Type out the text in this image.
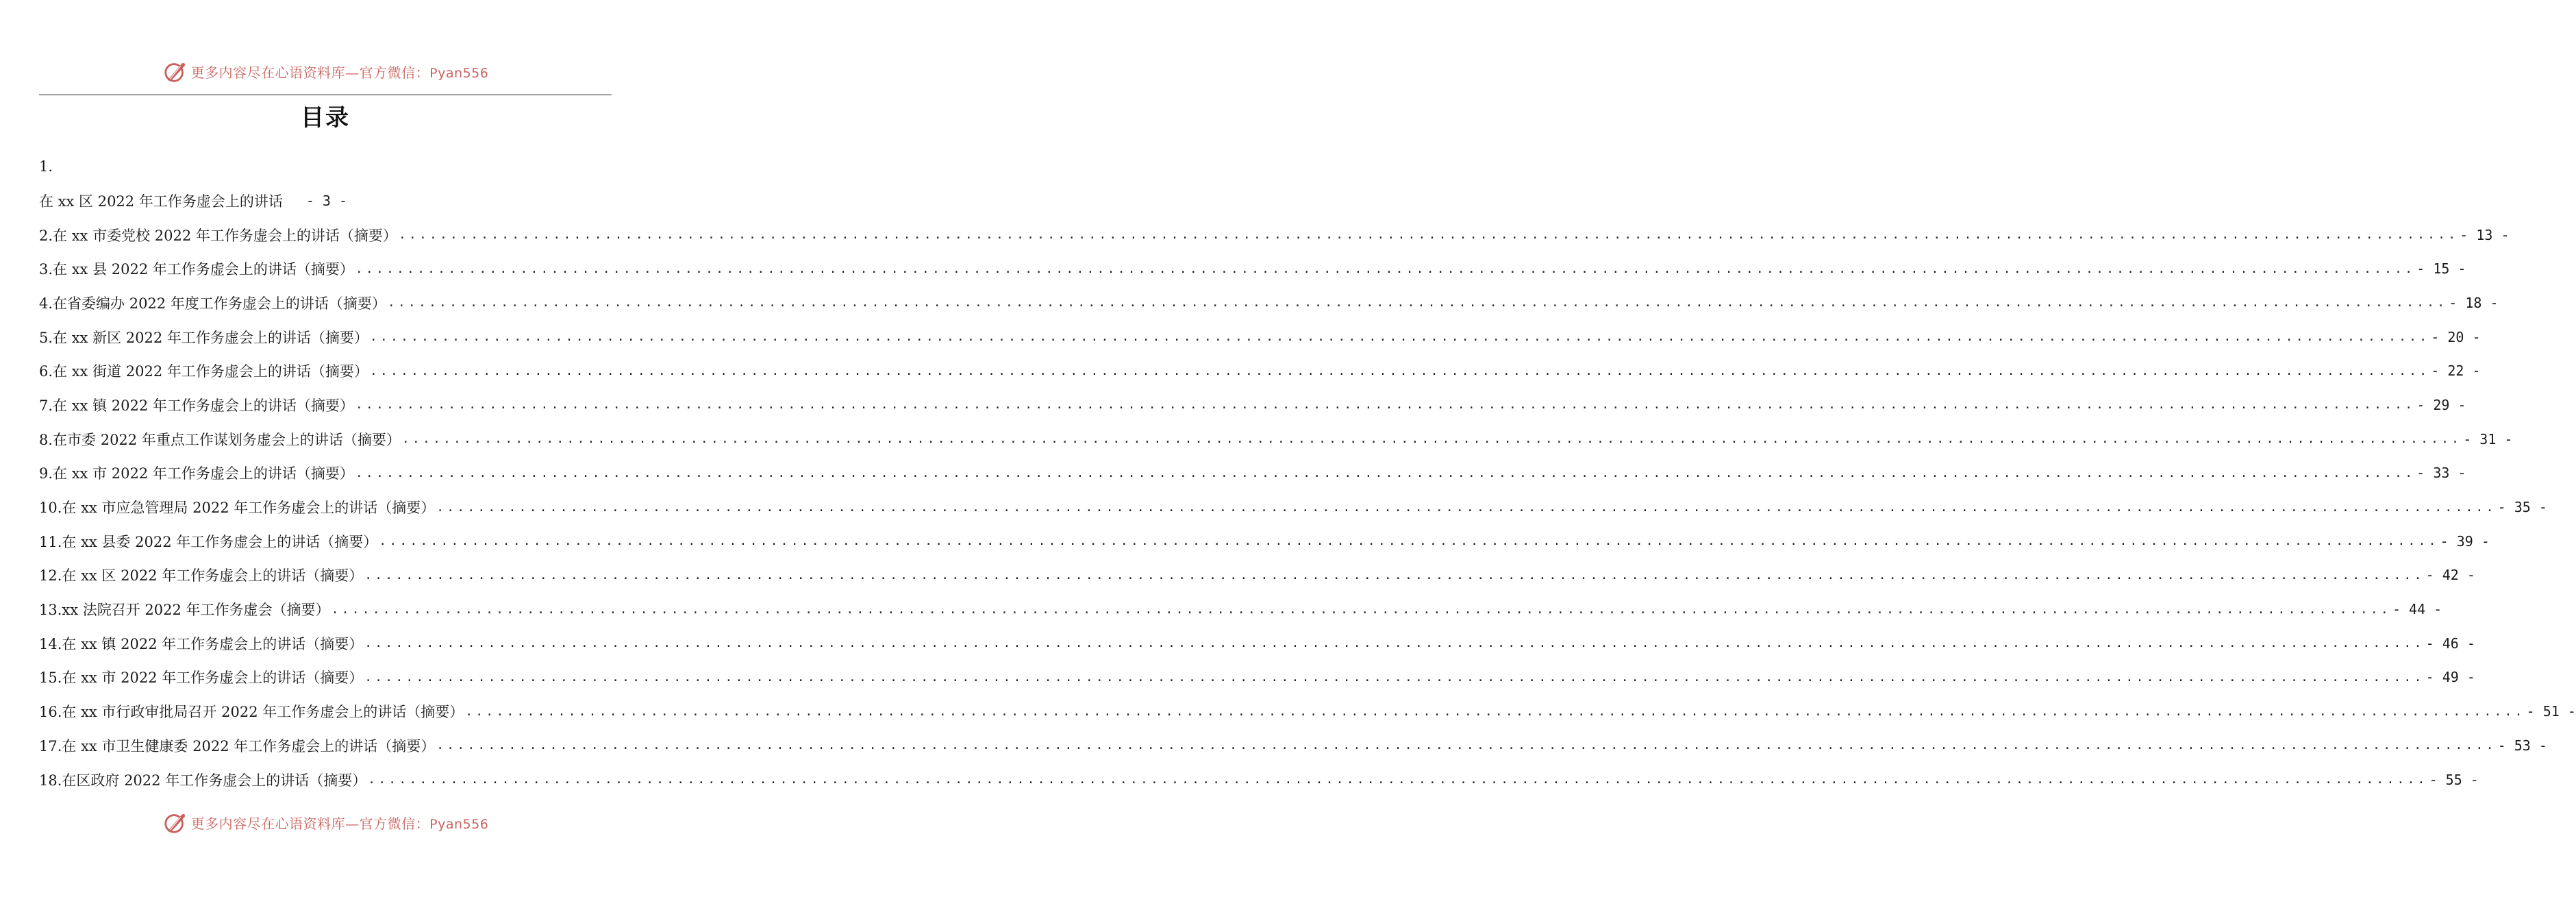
更多内容尽在心语资料库—官方微信：Pyan556
目录
1.
在 xx 区 2022 年工作务虚会上的讲话 - 3 -
2.在 xx 市委党校 2022 年工作务虚会上的讲话（摘要） ........................................................................................................................................................................................................ - 13 -
3.在 xx 县 2022 年工作务虚会上的讲话（摘要） ........................................................................................................................................................................................................ - 15 -
4.在省委编办 2022 年度工作务虚会上的讲话（摘要） ........................................................................................................................................................................................................ - 18 -
5.在 xx 新区 2022 年工作务虚会上的讲话（摘要） ........................................................................................................................................................................................................ - 20 -
6.在 xx 街道 2022 年工作务虚会上的讲话（摘要） ........................................................................................................................................................................................................ - 22 -
7.在 xx 镇 2022 年工作务虚会上的讲话（摘要） ........................................................................................................................................................................................................ - 29 -
8.在市委 2022 年重点工作谋划务虚会上的讲话（摘要） ........................................................................................................................................................................................................ - 31 -
9.在 xx 市 2022 年工作务虚会上的讲话（摘要） ........................................................................................................................................................................................................ - 33 -
10.在 xx 市应急管理局 2022 年工作务虚会上的讲话（摘要） ........................................................................................................................................................................................................ - 35 -
11.在 xx 县委 2022 年工作务虚会上的讲话（摘要） ........................................................................................................................................................................................................ - 39 -
12.在 xx 区 2022 年工作务虚会上的讲话（摘要） ........................................................................................................................................................................................................ - 42 -
13.xx 法院召开 2022 年工作务虚会（摘要） ........................................................................................................................................................................................................ - 44 -
14.在 xx 镇 2022 年工作务虚会上的讲话（摘要） ........................................................................................................................................................................................................ - 46 -
15.在 xx 市 2022 年工作务虚会上的讲话（摘要） ........................................................................................................................................................................................................ - 49 -
16.在 xx 市行政审批局召开 2022 年工作务虚会上的讲话（摘要） ........................................................................................................................................................................................................ - 51 -
17.在 xx 市卫生健康委 2022 年工作务虚会上的讲话（摘要） ........................................................................................................................................................................................................ - 53 -
18.在区政府 2022 年工作务虚会上的讲话（摘要） ........................................................................................................................................................................................................ - 55 -
更多内容尽在心语资料库—官方微信：Pyan556
